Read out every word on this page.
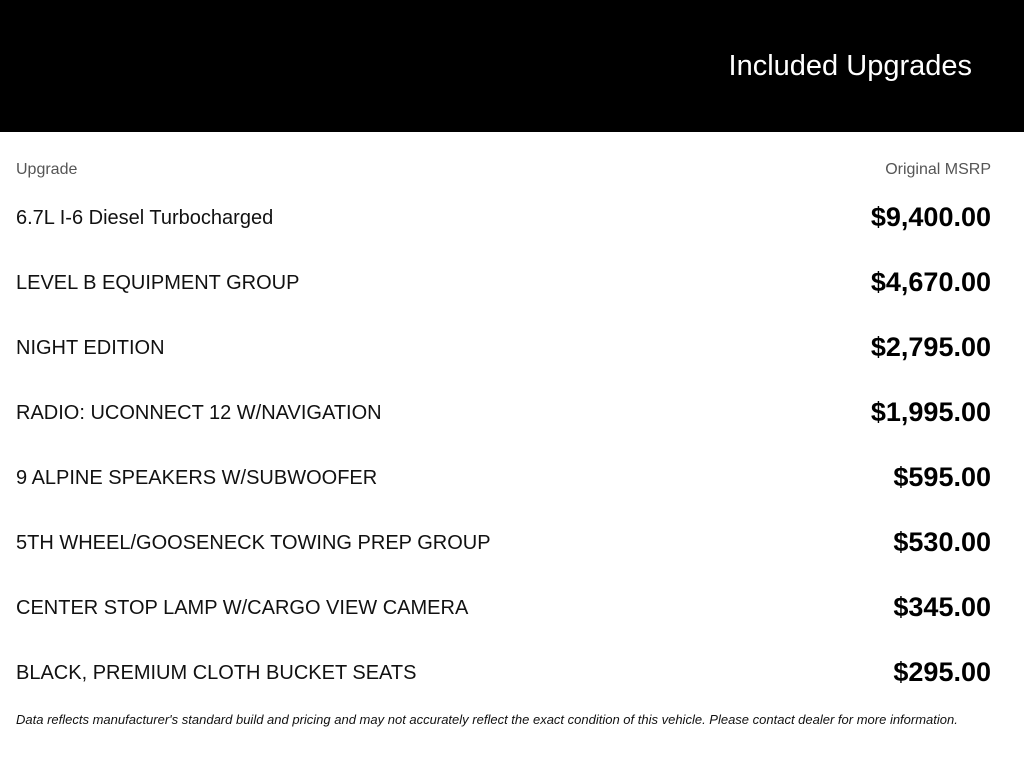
Included Upgrades
Upgrade	Original MSRP
6.7L I-6 Diesel Turbocharged	$9,400.00
LEVEL B EQUIPMENT GROUP	$4,670.00
NIGHT EDITION	$2,795.00
RADIO: UCONNECT 12 W/NAVIGATION	$1,995.00
9 ALPINE SPEAKERS W/SUBWOOFER	$595.00
5TH WHEEL/GOOSENECK TOWING PREP GROUP	$530.00
CENTER STOP LAMP W/CARGO VIEW CAMERA	$345.00
BLACK, PREMIUM CLOTH BUCKET SEATS	$295.00
Data reflects manufacturer's standard build and pricing and may not accurately reflect the exact condition of this vehicle. Please contact dealer for more information.
